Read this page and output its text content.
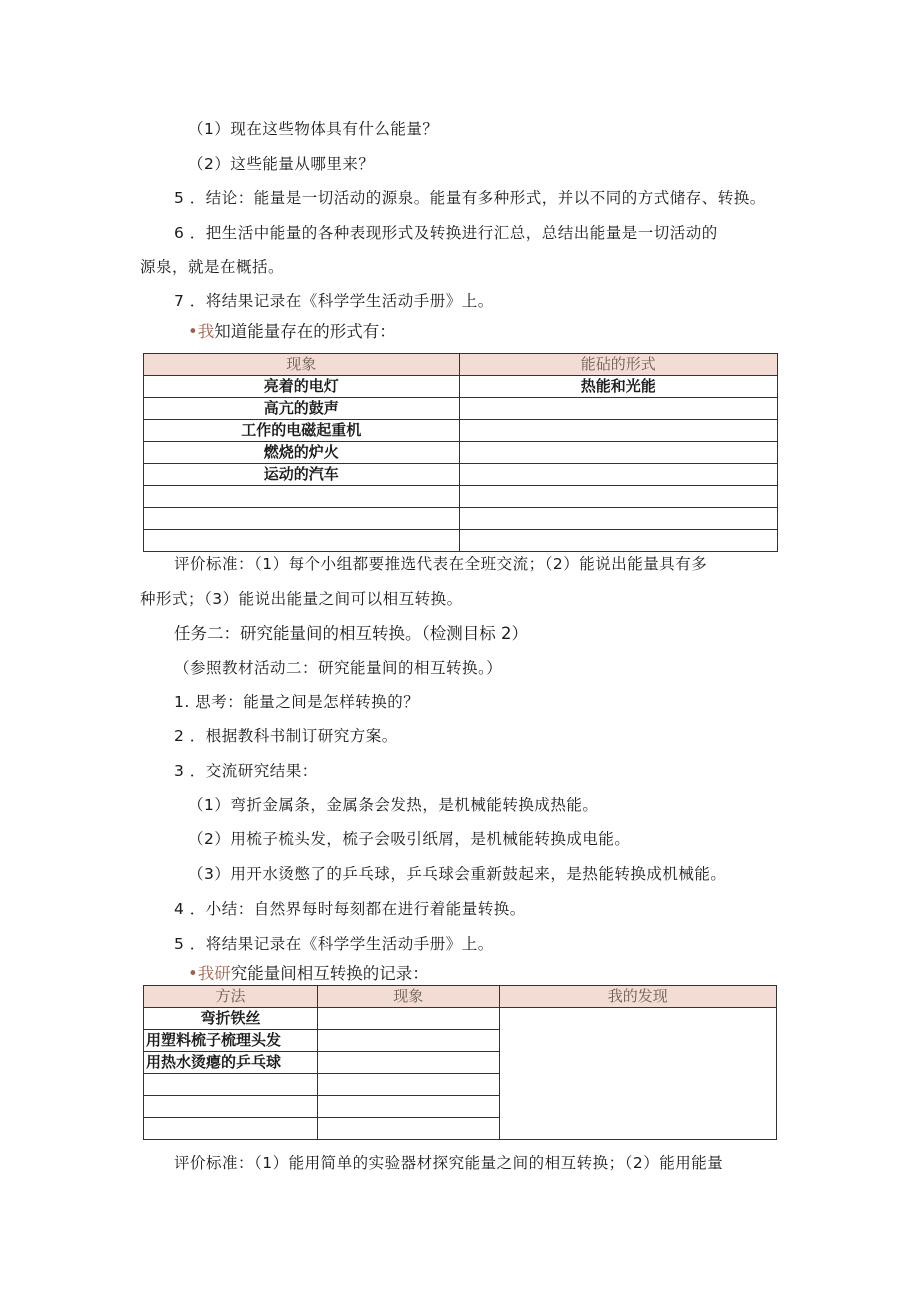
（1）现在这些物体具有什么能量？
（2）这些能量从哪里来？
5 ．结论：能量是一切活动的源泉。能量有多种形式，并以不同的方式储存、转换。
6 ．把生活中能量的各种表现形式及转换进行汇总，总结出能量是一切活动的
源泉，就是在概括。
7 ．将结果记录在《科学学生活动手册》上。
•我知道能量存在的形式有：
现象	能砧的形式
亮着的电灯	热能和光能
高亢的鼓声	
工作的电磁起重机	
燃烧的炉火	
运动的汽车	

评价标准：（1）每个小组都要推选代表在全班交流；（2）能说出能量具有多
种形式；（3）能说出能量之间可以相互转换。
任务二：研究能量间的相互转换。（检测目标 2）
（参照教材活动二：研究能量间的相互转换。）
1. 思考：能量之间是怎样转换的？
2 ．根据教科书制订研究方案。
3 ．交流研究结果：
（1）弯折金属条，金属条会发热，是机械能转换成热能。
（2）用梳子梳头发，梳子会吸引纸屑，是机械能转换成电能。
（3）用开水烫憋了的乒乓球，乒乓球会重新鼓起来，是热能转换成机械能。
4 ．小结：自然界每时每刻都在进行着能量转换。
5 ．将结果记录在《科学学生活动手册》上。
•我研究能量间相互转换的记录：
方法	现象	我的发现
弯折铁丝		
用塑料梳子梳理头发		
用热水烫瘪的乒乓球		

评价标准：（1）能用简单的实验器材探究能量之间的相互转换；（2）能用能量
